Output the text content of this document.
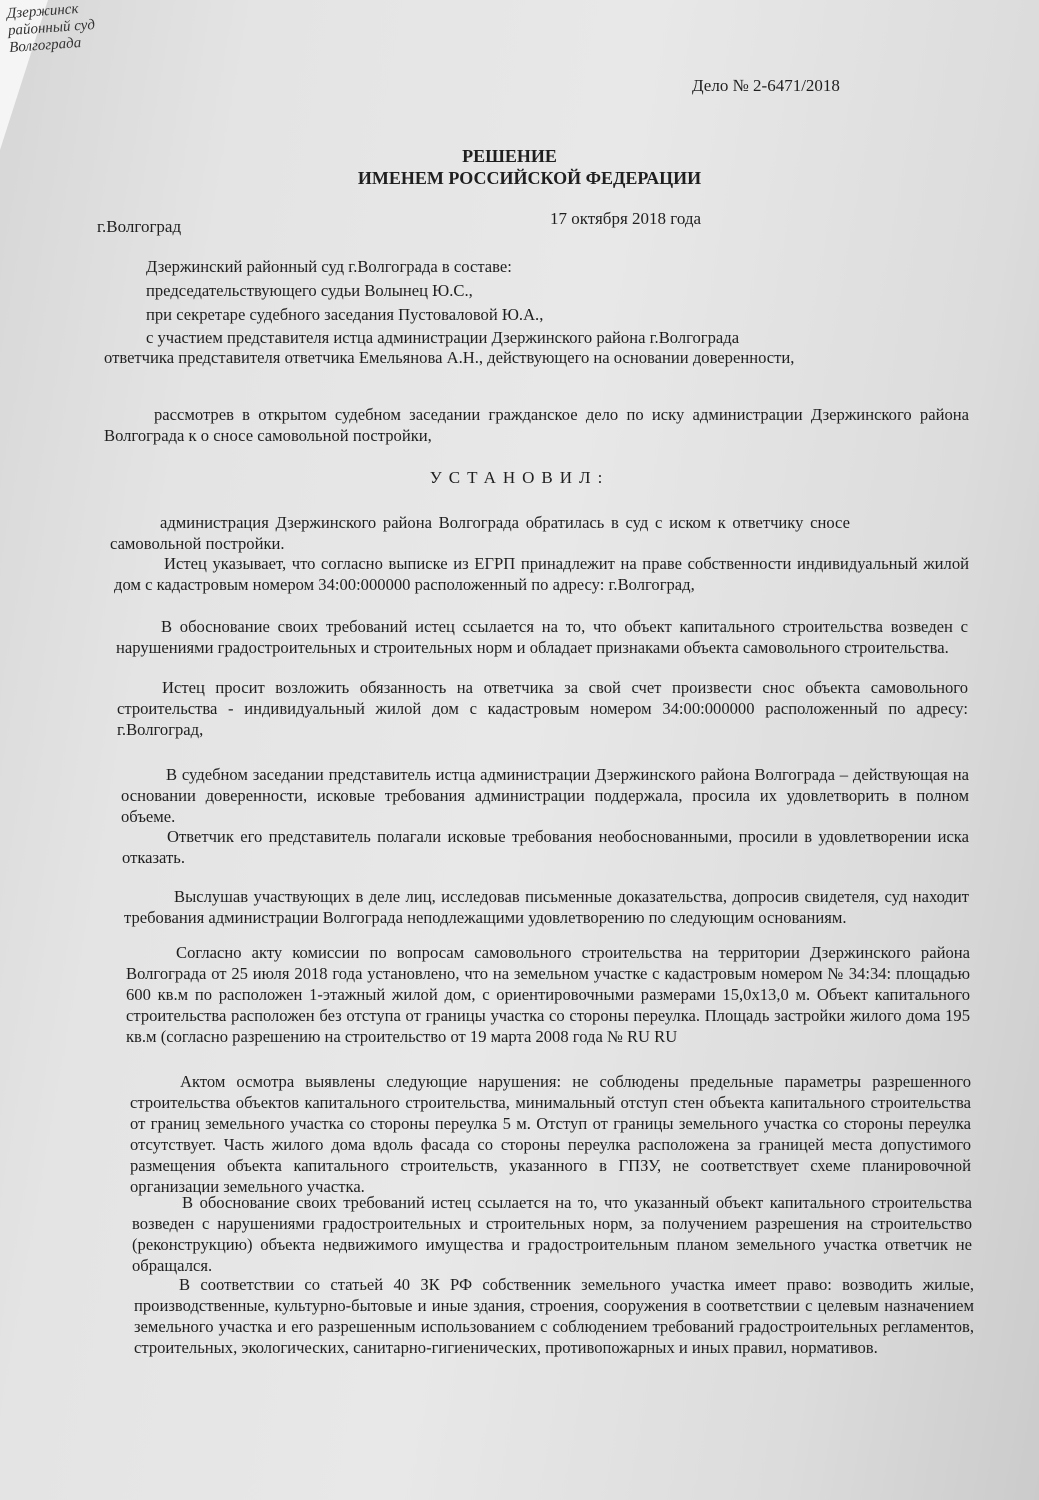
Дзержинск
районный суд
Волгограда
Дело № 2-6471/2018
РЕШЕНИЕ
ИМЕНЕМ РОССИЙСКОЙ ФЕДЕРАЦИИ
г.Волгоград	17 октября 2018 года

Дзержинский районный суд г.Волгограда в составе:

председательствующего судьи Волынец Ю.С.,

при секретаре судебного заседания Пустоваловой Ю.А.,

с участием представителя истца администрации Дзержинского района г.Волгограда

ответчика представителя ответчика Емельянова А.Н., действующего на основании доверенности,

рассмотрев в открытом судебном заседании гражданское дело по иску администрации Дзержинского района Волгограда к о сносе самовольной постройки,

УСТАНОВИЛ:

администрация Дзержинского района Волгограда обратилась в суд с иском к ответчику сносе самовольной постройки.

Истец указывает, что согласно выписке из ЕГРП принадлежит на праве собственности индивидуальный жилой дом с кадастровым номером 34:00:000000 расположенный по адресу: г.Волгоград,

В обоснование своих требований истец ссылается на то, что объект капитального строительства возведен с нарушениями градостроительных и строительных норм и обладает признаками объекта самовольного строительства.

Истец просит возложить обязанность на ответчика за свой счет произвести снос объекта самовольного строительства - индивидуальный жилой дом с кадастровым номером 34:00:000000 расположенный по адресу: г.Волгоград,

В судебном заседании представитель истца администрации Дзержинского района Волгограда – действующая на основании доверенности, исковые требования администрации поддержала, просила их удовлетворить в полном объеме.

Ответчик его представитель полагали исковые требования необоснованными, просили в удовлетворении иска отказать.

Выслушав участвующих в деле лиц, исследовав письменные доказательства, допросив свидетеля, суд находит требования администрации Волгограда неподлежащими удовлетворению по следующим основаниям.

Согласно акту комиссии по вопросам самовольного строительства на территории Дзержинского района Волгограда от 25 июля 2018 года установлено, что на земельном участке с кадастровым номером № 34:34: площадью 600 кв.м по расположен 1-этажный жилой дом, с ориентировочными размерами 15,0х13,0 м. Объект капитального строительства расположен без отступа от границы участка со стороны переулка. Площадь застройки жилого дома 195 кв.м (согласно разрешению на строительство от 19 марта 2008 года № RU RU

Актом осмотра выявлены следующие нарушения: не соблюдены предельные параметры разрешенного строительства объектов капитального строительства, минимальный отступ стен объекта капитального строительства от границ земельного участка со стороны переулка 5 м. Отступ от границы земельного участка со стороны переулка отсутствует. Часть жилого дома вдоль фасада со стороны переулка расположена за границей места допустимого размещения объекта капитального строительств, указанного в ГПЗУ, не соответствует схеме планировочной организации земельного участка.

В обоснование своих требований истец ссылается на то, что указанный объект капитального строительства возведен с нарушениями градостроительных и строительных норм, за получением разрешения на строительство (реконструкцию) объекта недвижимого имущества и градостроительным планом земельного участка ответчик не обращался.

В соответствии со статьей 40 ЗК РФ собственник земельного участка имеет право: возводить жилые, производственные, культурно-бытовые и иные здания, строения, сооружения в соответствии с целевым назначением земельного участка и его разрешенным использованием с соблюдением требований градостроительных регламентов, строительных, экологических, санитарно-гигиенических, противопожарных и иных правил, нормативов.
